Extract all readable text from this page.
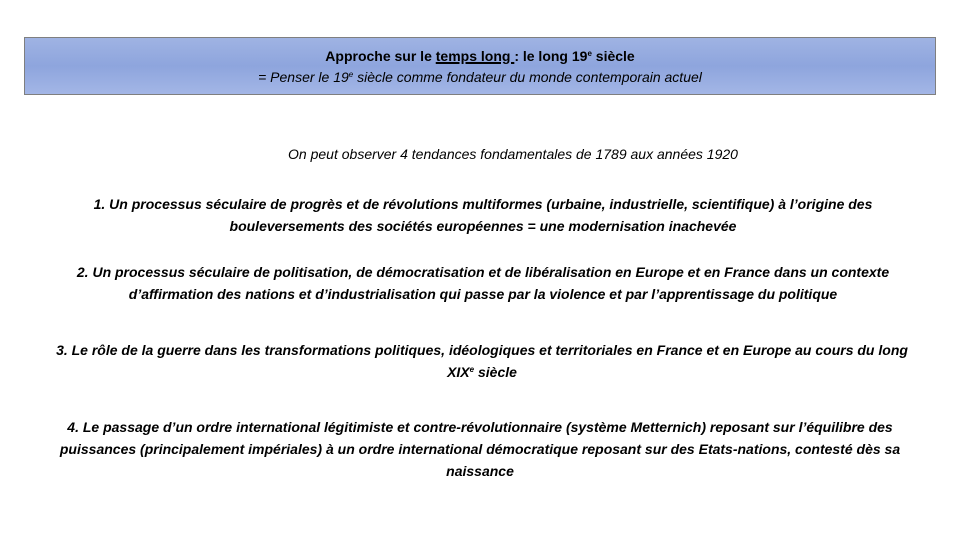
Approche sur le temps long : le long 19e siècle
= Penser le 19e siècle comme fondateur du monde contemporain actuel
On peut observer 4 tendances fondamentales de 1789 aux années 1920
1. Un processus séculaire de progrès et de révolutions multiformes (urbaine, industrielle, scientifique) à l’origine des
bouleversements des sociétés européennes = une modernisation inachevée
2. Un processus séculaire de politisation, de démocratisation et de libéralisation en Europe et en France dans un contexte
d’affirmation des nations et d’industrialisation qui passe par la violence et par l’apprentissage du politique
3. Le rôle de la guerre dans les transformations politiques, idéologiques et territoriales en France et en Europe au cours du long
XIXe siècle
4. Le passage d’un ordre international légitimiste et contre-révolutionnaire (système Metternich) reposant sur l’équilibre des
puissances (principalement impériales) à un ordre international démocratique reposant sur des Etats-nations, contesté dès sa
naissance
